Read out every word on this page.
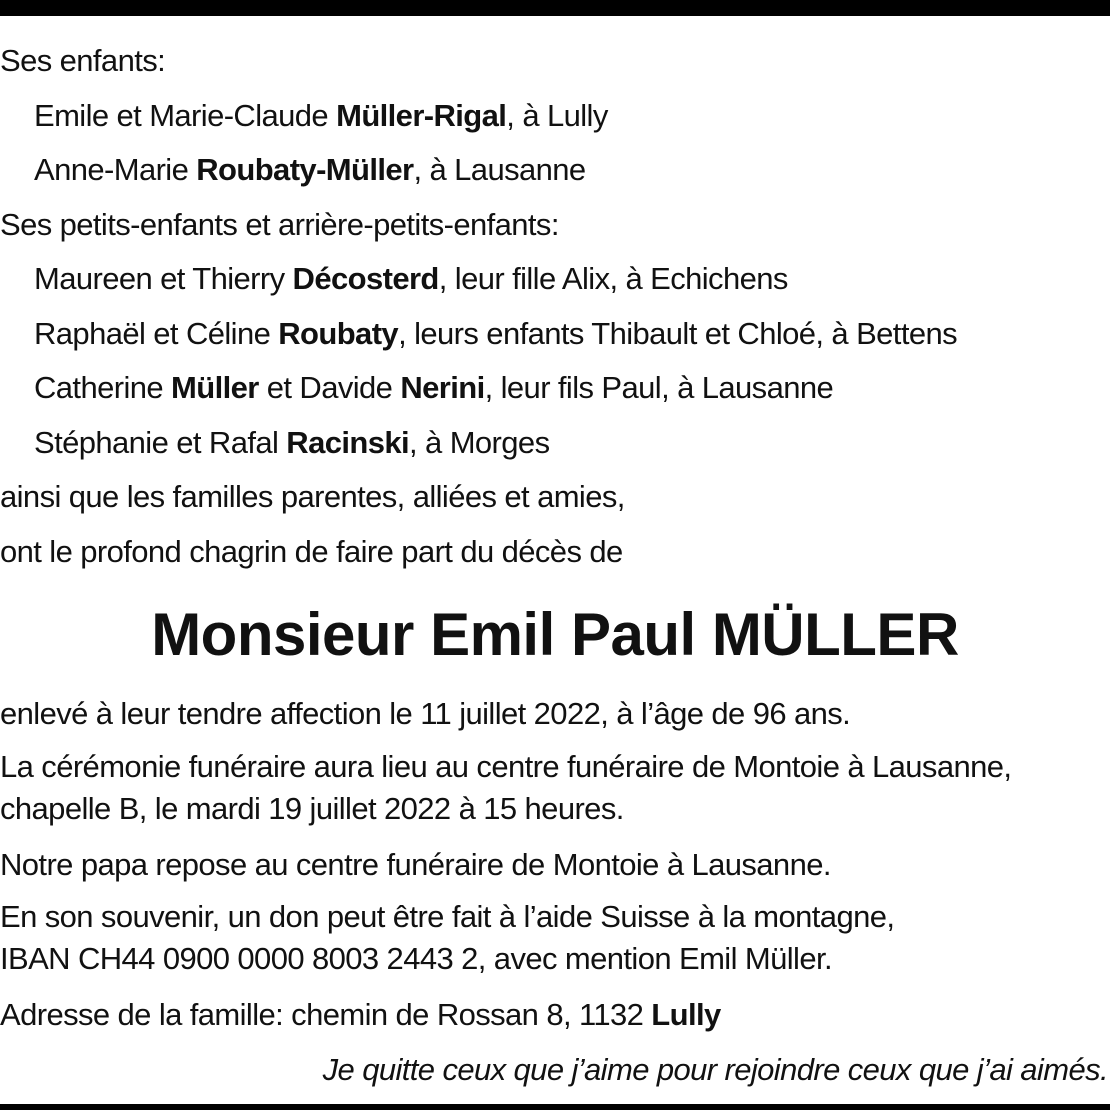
Ses enfants:
Emile et Marie-Claude Müller-Rigal, à Lully
Anne-Marie Roubaty-Müller, à Lausanne
Ses petits-enfants et arrière-petits-enfants:
Maureen et Thierry Décosterd, leur fille Alix, à Echichens
Raphaël et Céline Roubaty, leurs enfants Thibault et Chloé, à Bettens
Catherine Müller et Davide Nerini, leur fils Paul, à Lausanne
Stéphanie et Rafal Racinski, à Morges
ainsi que les familles parentes, alliées et amies,
ont le profond chagrin de faire part du décès de
Monsieur Emil Paul MÜLLER
enlevé à leur tendre affection le 11 juillet 2022, à l’âge de 96 ans.
La cérémonie funéraire aura lieu au centre funéraire de Montoie à Lausanne,
chapelle B, le mardi 19 juillet 2022 à 15 heures.
Notre papa repose au centre funéraire de Montoie à Lausanne.
En son souvenir, un don peut être fait à l’aide Suisse à la montagne,
IBAN CH44 0900 0000 8003 2443 2, avec mention Emil Müller.
Adresse de la famille: chemin de Rossan 8, 1132 Lully
Je quitte ceux que j’aime pour rejoindre ceux que j’ai aimés.
